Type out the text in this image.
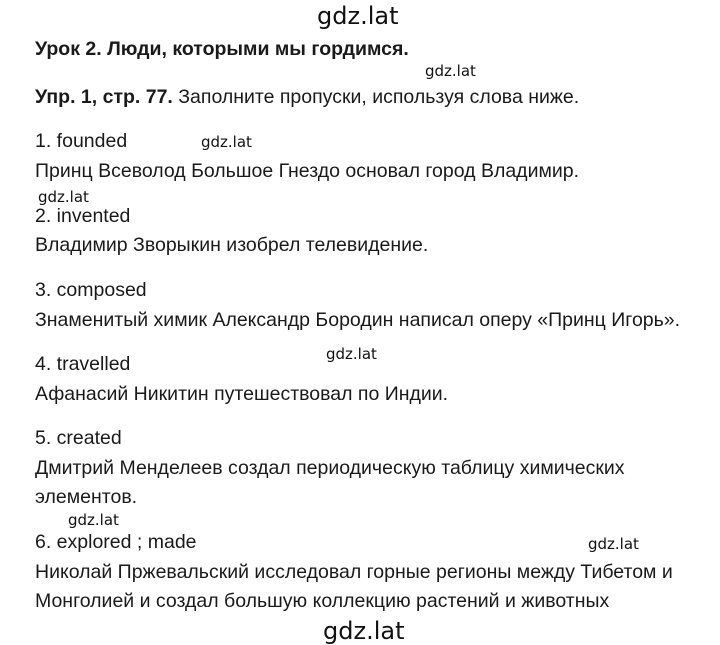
gdz.lat
Урок 2. Люди, которыми мы гордимся.
gdz.lat
Упр. 1, стр. 77. Заполните пропуски, используя слова ниже.
1. founded	gdz.lat
Принц Всеволод Большое Гнездо основал город Владимир.
gdz.lat
2. invented
Владимир Зворыкин изобрел телевидение.
3. composed
Знаменитый химик Александр Бородин написал оперу «Принц Игорь».
gdz.lat
4. travelled
Афанасий Никитин путешествовал по Индии.
5. created
Дмитрий Менделеев создал периодическую таблицу химических
элементов.
gdz.lat
6. explored ; made	gdz.lat
Николай Пржевальский исследовал горные регионы между Тибетом и
Монголией и создал большую коллекцию растений и животных
gdz.lat
